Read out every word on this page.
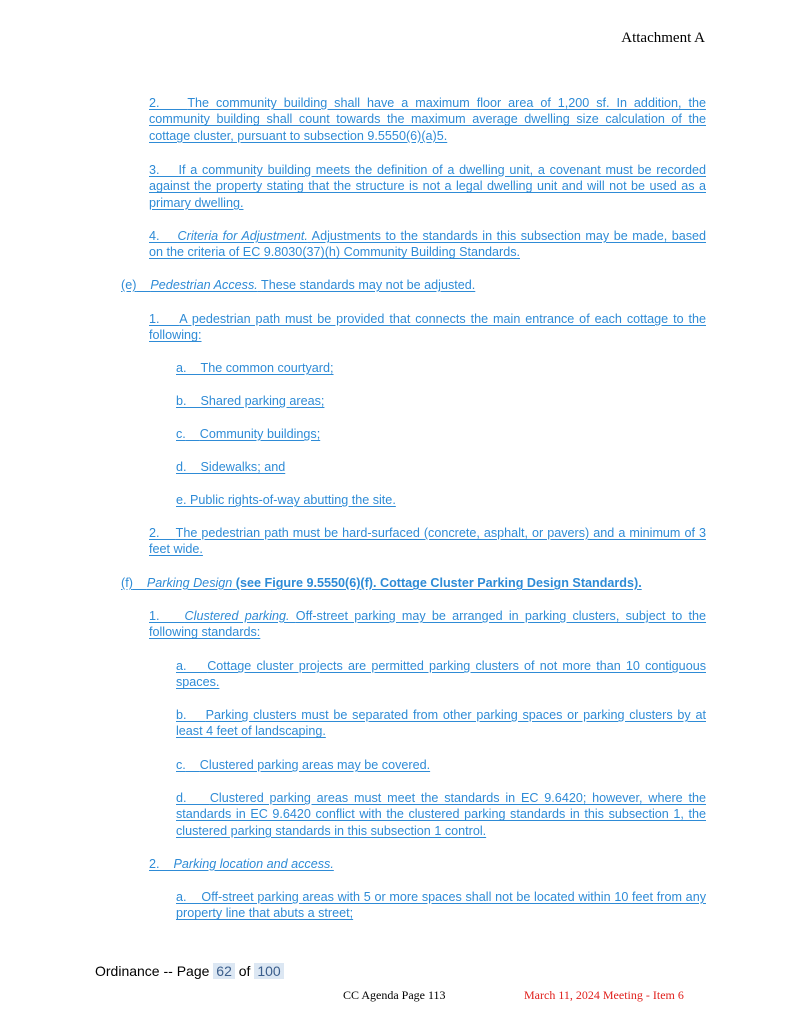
Attachment A

2. The community building shall have a maximum floor area of 1,200 sf. In addition, the community building shall count towards the maximum average dwelling size calculation of the cottage cluster, pursuant to subsection 9.5550(6)(a)5.

3. If a community building meets the definition of a dwelling unit, a covenant must be recorded against the property stating that the structure is not a legal dwelling unit and will not be used as a primary dwelling.

4. Criteria for Adjustment. Adjustments to the standards in this subsection may be made, based on the criteria of EC 9.8030(37)(h) Community Building Standards.

(e) Pedestrian Access. These standards may not be adjusted.

1. A pedestrian path must be provided that connects the main entrance of each cottage to the following:

a. The common courtyard;

b. Shared parking areas;

c. Community buildings;

d. Sidewalks; and

e. Public rights-of-way abutting the site.

2. The pedestrian path must be hard-surfaced (concrete, asphalt, or pavers) and a minimum of 3 feet wide.

(f) Parking Design (see Figure 9.5550(6)(f). Cottage Cluster Parking Design Standards).

1. Clustered parking. Off-street parking may be arranged in parking clusters, subject to the following standards:

a. Cottage cluster projects are permitted parking clusters of not more than 10 contiguous spaces.

b. Parking clusters must be separated from other parking spaces or parking clusters by at least 4 feet of landscaping.

c. Clustered parking areas may be covered.

d. Clustered parking areas must meet the standards in EC 9.6420; however, where the standards in EC 9.6420 conflict with the clustered parking standards in this subsection 1, the clustered parking standards in this subsection 1 control.

2. Parking location and access.

a. Off-street parking areas with 5 or more spaces shall not be located within 10 feet from any property line that abuts a street;

Ordinance -- Page 62 of 100
CC Agenda Page 113	March 11, 2024 Meeting - Item 6
